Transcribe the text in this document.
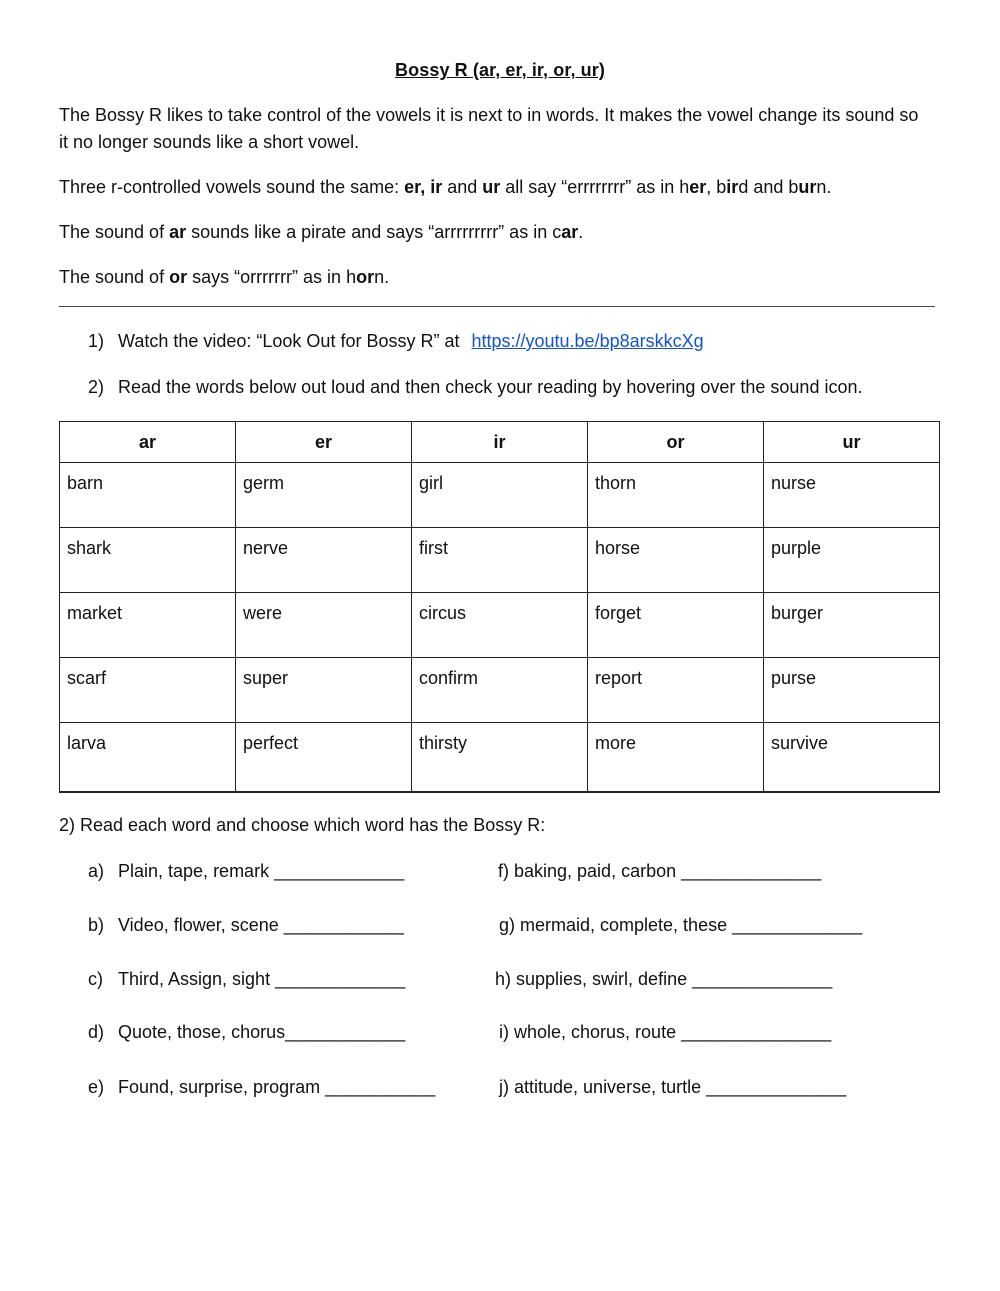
Bossy R (ar, er, ir, or, ur)
The Bossy R likes to take control of the vowels it is next to in words. It makes the vowel change its sound so it no longer sounds like a short vowel.
Three r-controlled vowels sound the same: er, ir and ur all say “errrrrrrr” as in her, bird and burn.
The sound of ar sounds like a pirate and says “arrrrrrrrr” as in car.
The sound of or says “orrrrrrr” as in horn.
1) Watch the video: “Look Out for Bossy R” at https://youtu.be/bp8arskkcXg
2) Read the words below out loud and then check your reading by hovering over the sound icon.
ar	er	ir	or	ur
barn	germ	girl	thorn	nurse
shark	nerve	first	horse	purple
market	were	circus	forget	burger
scarf	super	confirm	report	purse
larva	perfect	thirsty	more	survive
2) Read each word and choose which word has the Bossy R:
a) Plain, tape, remark _____________
b) Video, flower, scene ____________
c) Third, Assign, sight _____________
d) Quote, those, chorus____________
e) Found, surprise, program ___________
f) baking, paid, carbon ______________
g) mermaid, complete, these _____________
h) supplies, swirl, define ______________
i) whole, chorus, route _______________
j) attitude, universe, turtle ______________
